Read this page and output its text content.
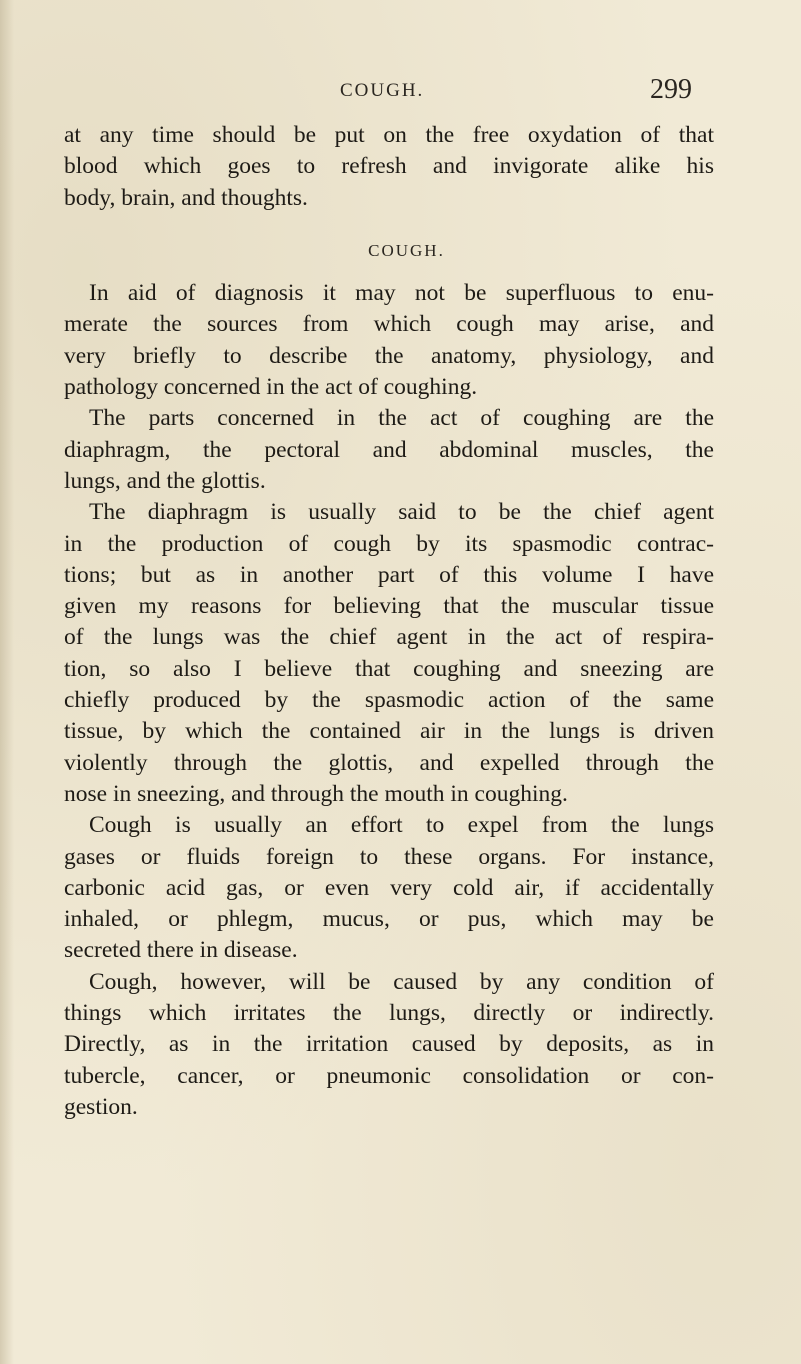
COUGH.	299
at any time should be put on the free oxydation of that
blood which goes to refresh and invigorate alike his
body, brain, and thoughts.
COUGH.
In aid of diagnosis it may not be superfluous to enu-
merate the sources from which cough may arise, and
very briefly to describe the anatomy, physiology, and
pathology concerned in the act of coughing.
The parts concerned in the act of coughing are the
diaphragm, the pectoral and abdominal muscles, the
lungs, and the glottis.
The diaphragm is usually said to be the chief agent
in the production of cough by its spasmodic contrac-
tions; but as in another part of this volume I have
given my reasons for believing that the muscular tissue
of the lungs was the chief agent in the act of respira-
tion, so also I believe that coughing and sneezing are
chiefly produced by the spasmodic action of the same
tissue, by which the contained air in the lungs is driven
violently through the glottis, and expelled through the
nose in sneezing, and through the mouth in coughing.
Cough is usually an effort to expel from the lungs
gases or fluids foreign to these organs. For instance,
carbonic acid gas, or even very cold air, if accidentally
inhaled, or phlegm, mucus, or pus, which may be
secreted there in disease.
Cough, however, will be caused by any condition of
things which irritates the lungs, directly or indirectly.
Directly, as in the irritation caused by deposits, as in
tubercle, cancer, or pneumonic consolidation or con-
gestion.
